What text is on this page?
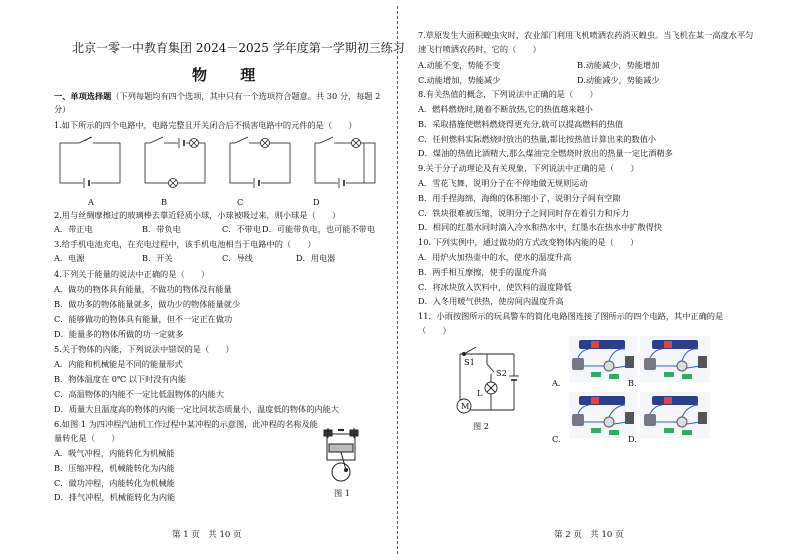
北京一零一中教育集团 2024－2025 学年度第一学期初三练习
物 理
一、单项选择题（下列每题均有四个选项，其中只有一个选项符合题意。共 30 分，每题 2
分）
1.如下所示的四个电路中，电路完整且开关闭合后不损害电路中的元件的是（　　）
A	B	C	D
2.用与丝绸摩擦过的玻璃棒去靠近轻质小球，小球被吸过来，则小球是（　　）
A．带正电	B．带负电	C．不带电 D．可能带负电，也可能不带电
3.给手机电池充电，在充电过程中，该手机电池相当于电路中的（　　）
A．电源	B．开关	C．导线	D．用电器
4.下列关于能量的说法中正确的是（　　）
A．做功的物体具有能量，不做功的物体没有能量
B．做功多的物体能量就多，做功少的物体能量就少
C．能够做功的物体具有能量，但不一定正在做功
D．能量多的物体所做的功一定就多
5.关于物体的内能，下列说法中错误的是（　　）
A．内能和机械能是不同的能量形式
B．物体温度在 0℃ 以下时没有内能
C．高温物体的内能不一定比低温物体的内能大
D．质量大且温度高的物体的内能一定比同状态质量小，温度低的物体的内能大
6.如图 1 为四冲程汽油机工作过程中某冲程的示意图，此冲程的名称及能
量转化是（　　）
A．吸气冲程，内能转化为机械能
B．压缩冲程，机械能转化为内能
C．做功冲程，内能转化为机械能
D．排气冲程，机械能转化为内能	图 1
第 1 页　共 10 页
7.草原发生大面积蝗虫灾时，农业部门利用飞机喷洒农药消灭蝗虫。当飞机在某一高度水平匀
速飞行喷洒农药时，它的（　　）
A.动能不变，势能不变	B.动能减少，势能增加
C.动能增加，势能减少	D.动能减少，势能减少
8.有关热值的概念，下列说法中正确的是（　　）
A．燃料燃烧时,随着不断放热,它的热值越来越小
B．采取措施使燃料燃烧得更充分,就可以提高燃料的热值
C．任何燃料实际燃烧时放出的热量,都比按热值计算出来的数值小
D．煤油的热值比酒精大,那么煤油完全燃烧时放出的热量一定比酒精多
9.关于分子动理论及有关现象，下列说法中正确的是（　　）
A．雪花飞舞，说明分子在不停地做无规则运动
B．用手捏海绵，海绵的体积缩小了，说明分子间有空隙
C．铁块很难被压缩，说明分子之间同时存在着引力和斥力
D．相同的红墨水同时滴入冷水和热水中，红墨水在热水中扩散得快
10. 下列实例中，通过做功的方式改变物体内能的是（　　）
A．用炉火加热壶中的水，使水的温度升高
B．两手相互摩擦，使手的温度升高
C．将冰块放入饮料中，使饮料的温度降低
D．入冬用暖气供热，使房间内温度升高
11．小雨按图所示的玩具警车的简化电路图连接了图所示的四个电路，其中正确的是
（　　）
S1
S2
L
M
图 2
A.	B.
C.	D.
第 2 页　共 10 页
